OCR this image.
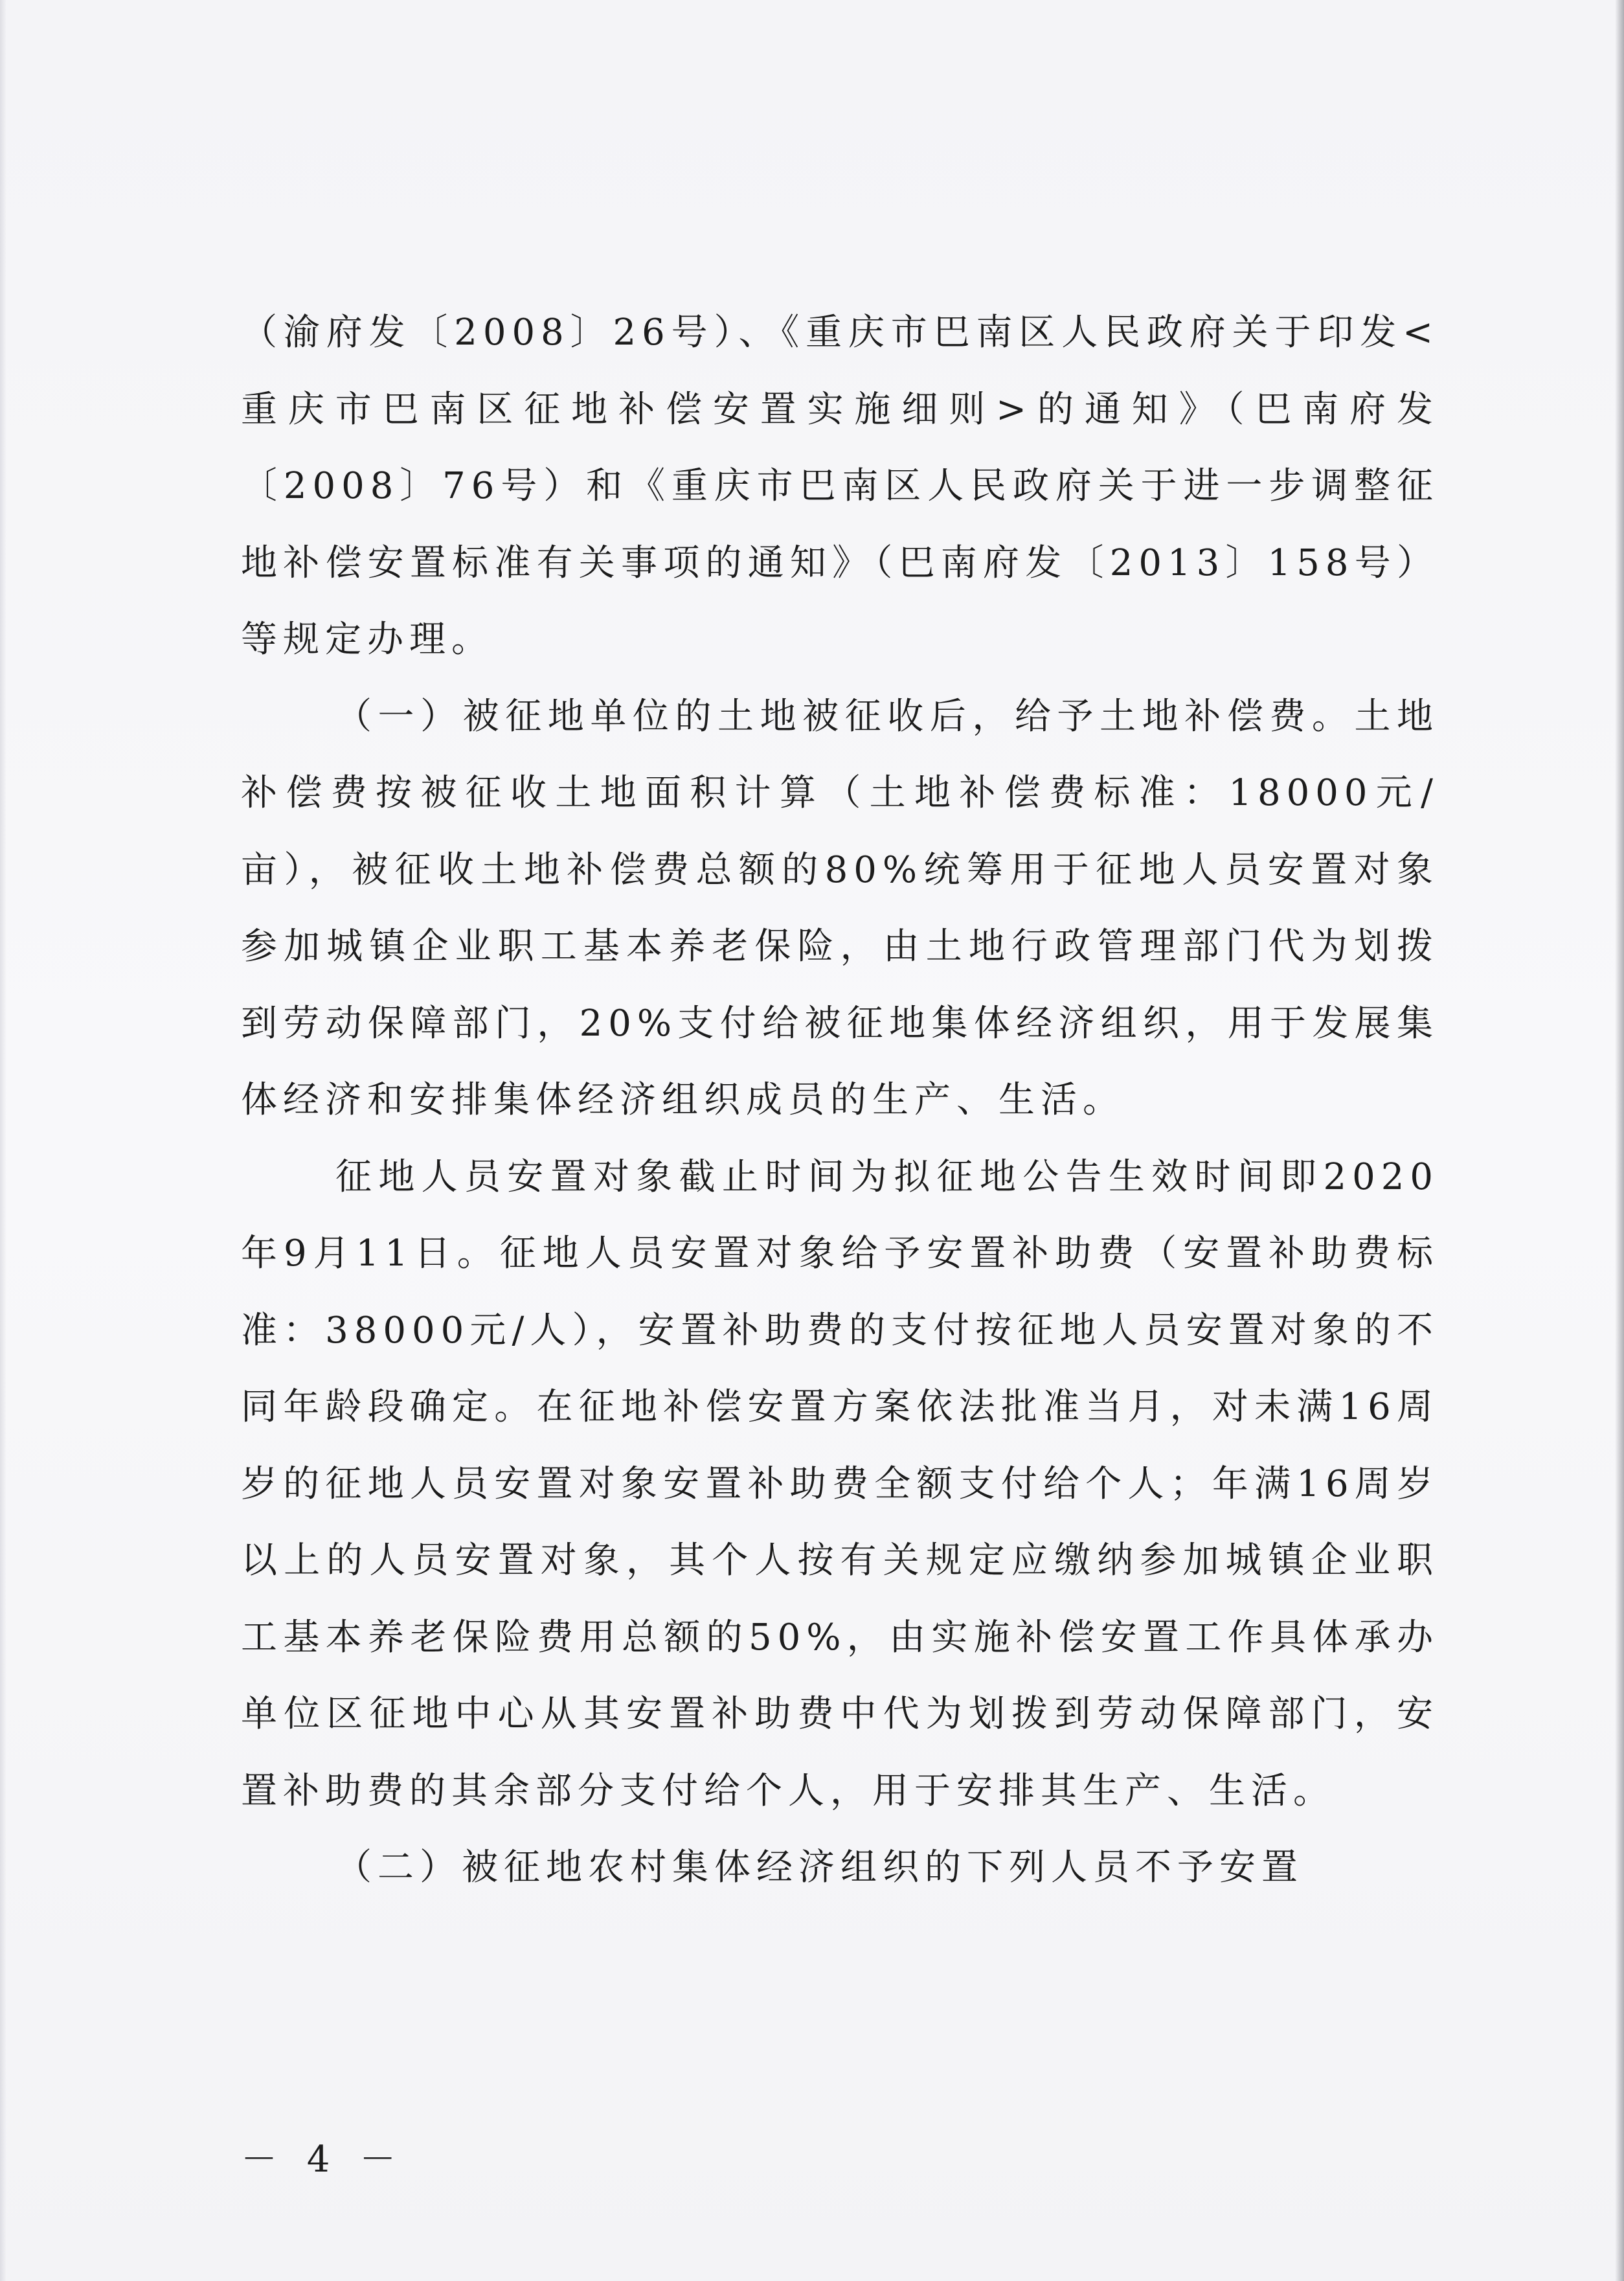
（渝府发〔2008〕26号）、《重庆市巴南区人民政府关于印发<重庆市巴南区征地补偿安置实施细则>的通知》（巴南府发〔2008〕76号）和《重庆市巴南区人民政府关于进一步调整征地补偿安置标准有关事项的通知》（巴南府发〔2013〕158号）等规定办理。

（一）被征地单位的土地被征收后，给予土地补偿费。土地补偿费按被征收土地面积计算（土地补偿费标准：18000元/亩），被征收土地补偿费总额的80%统筹用于征地人员安置对象参加城镇企业职工基本养老保险，由土地行政管理部门代为划拨到劳动保障部门，20%支付给被征地集体经济组织，用于发展集体经济和安排集体经济组织成员的生产、生活。

征地人员安置对象截止时间为拟征地公告生效时间即2020年9月11日。征地人员安置对象给予安置补助费（安置补助费标准：38000元/人），安置补助费的支付按征地人员安置对象的不同年龄段确定。在征地补偿安置方案依法批准当月，对未满16周岁的征地人员安置对象安置补助费全额支付给个人；年满16周岁以上的人员安置对象，其个人按有关规定应缴纳参加城镇企业职工基本养老保险费用总额的50%，由实施补偿安置工作具体承办单位区征地中心从其安置补助费中代为划拨到劳动保障部门，安置补助费的其余部分支付给个人，用于安排其生产、生活。

（二）被征地农村集体经济组织的下列人员不予安置

－ 4 －
